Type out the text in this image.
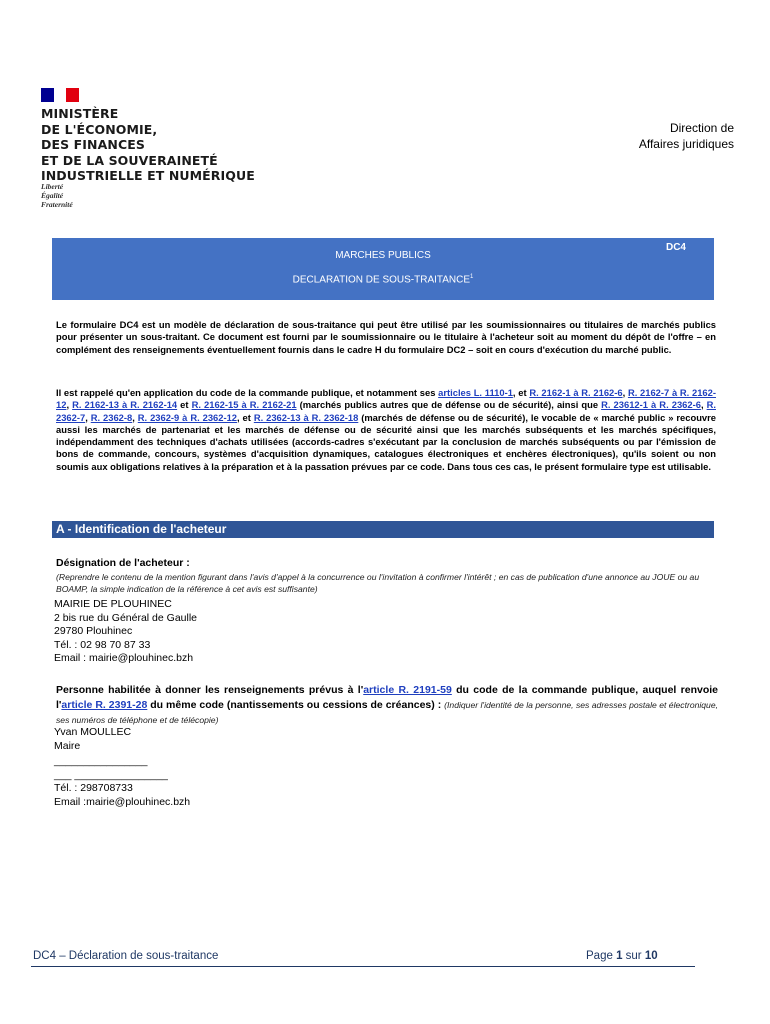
MINISTÈRE
DE L'ÉCONOMIE,
DES FINANCES
ET DE LA SOUVERAINETÉ
INDUSTRIELLE ET NUMÉRIQUE
Liberté
Égalité
Fraternité
Direction de
Affaires juridiques
DC4
MARCHES PUBLICS
DECLARATION DE SOUS-TRAITANCE$^1$
Le formulaire DC4 est un modèle de déclaration de sous-traitance qui peut être utilisé par les soumissionnaires ou titulaires de marchés publics pour présenter un sous-traitant. Ce document est fourni par le soumissionnaire ou le titulaire à l'acheteur soit au moment du dépôt de l'offre – en complément des renseignements éventuellement fournis dans le cadre H du formulaire DC2 – soit en cours d'exécution du marché public.
Il est rappelé qu'en application du code de la commande publique, et notamment ses articles L. 1110-1, et R. 2162-1 à R. 2162-6, R. 2162-7 à R. 2162-12, R. 2162-13 à R. 2162-14 et R. 2162-15 à R. 2162-21 (marchés publics autres que de défense ou de sécurité), ainsi que R. 23612-1 à R. 2362-6, R. 2362-7, R. 2362-8, R. 2362-9 à R. 2362-12, et R. 2362-13 à R. 2362-18 (marchés de défense ou de sécurité), le vocable de « marché public » recouvre aussi les marchés de partenariat et les marchés de défense ou de sécurité ainsi que les marchés subséquents et les marchés spécifiques, indépendamment des techniques d'achats utilisées (accords-cadres s'exécutant par la conclusion de marchés subséquents ou par l'émission de bons de commande, concours, systèmes d'acquisition dynamiques, catalogues électroniques et enchères électroniques), qu'ils soient ou non soumis aux obligations relatives à la préparation et à la passation prévues par ce code. Dans tous ces cas, le présent formulaire type est utilisable.
A - Identification de l'acheteur
Désignation de l'acheteur :
(Reprendre le contenu de la mention figurant dans l'avis d'appel à la concurrence ou l'invitation à confirmer l'intérêt ; en cas de publication d'une annonce au JOUE ou au BOAMP, la simple indication de la référence à cet avis est suffisante)
MAIRIE DE PLOUHINEC
2 bis rue du Général de Gaulle
29780 Plouhinec
Tél. : 02 98 70 87 33
Email : mairie@plouhinec.bzh
Personne habilitée à donner les renseignements prévus à l'article R. 2191-59 du code de la commande publique, auquel renvoie l'article R. 2391-28 du même code (nantissements ou cessions de créances) : (Indiquer l'identité de la personne, ses adresses postale et électronique, ses numéros de téléphone et de télécopie)
Yvan MOULLEC
Maire
________________
___ ________________
Tél. : 298708733
Email :mairie@plouhinec.bzh
DC4 – Déclaration de sous-traitance	Page 1 sur 10
